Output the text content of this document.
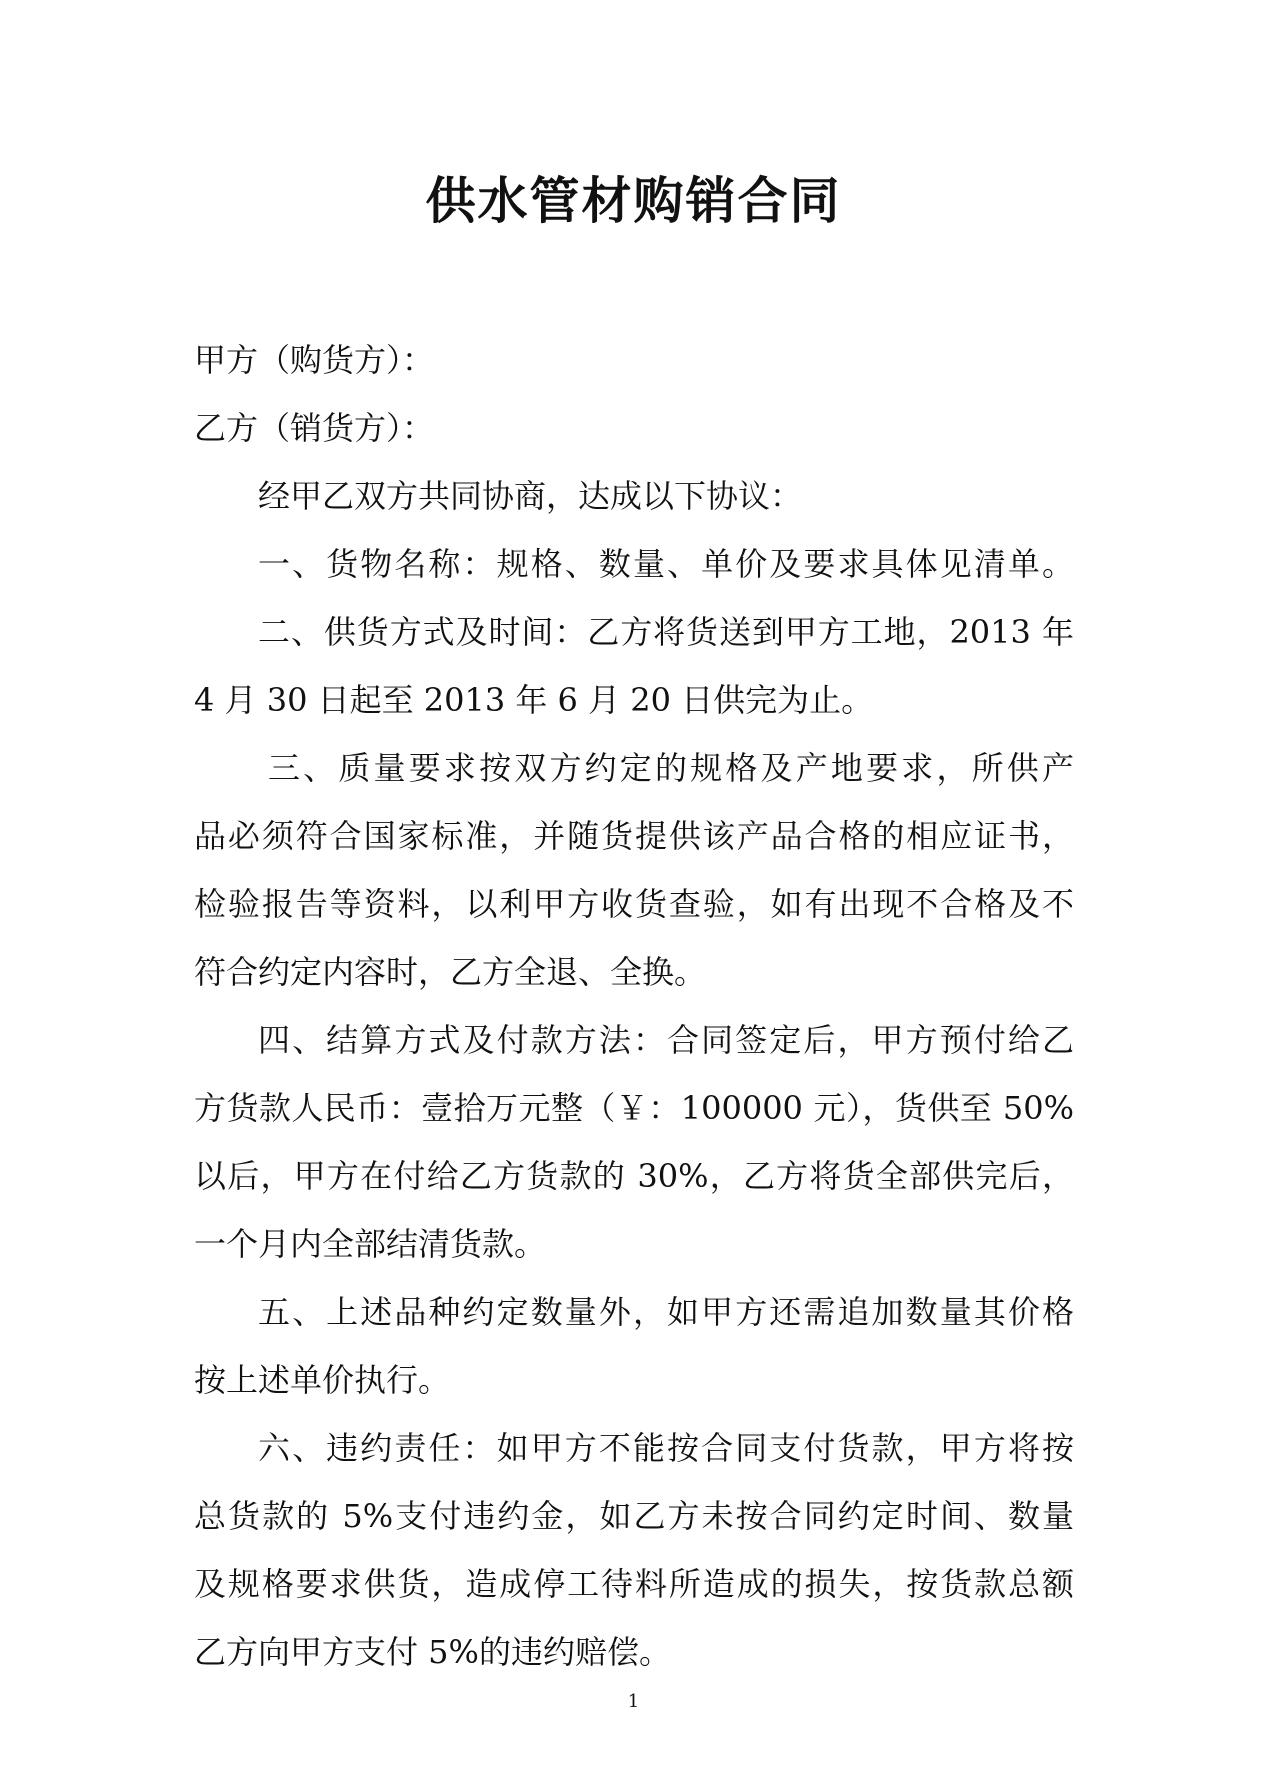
供水管材购销合同
甲方（购货方）：
乙方（销货方）：
经甲乙双方共同协商，达成以下协议：
一、货物名称：规格、数量、单价及要求具体见清单。
二、供货方式及时间：乙方将货送到甲方工地，2013 年
4 月 30 日起至 2013 年 6 月 20 日供完为止。
三、质量要求按双方约定的规格及产地要求，所供产
品必须符合国家标准，并随货提供该产品合格的相应证书，
检验报告等资料，以利甲方收货查验，如有出现不合格及不
符合约定内容时，乙方全退、全换。
四、结算方式及付款方法：合同签定后，甲方预付给乙
方货款人民币：壹拾万元整（￥：100000 元），货供至 50%
以后，甲方在付给乙方货款的 30%，乙方将货全部供完后，
一个月内全部结清货款。
五、上述品种约定数量外，如甲方还需追加数量其价格
按上述单价执行。
六、违约责任：如甲方不能按合同支付货款，甲方将按
总货款的 5%支付违约金，如乙方未按合同约定时间、数量
及规格要求供货，造成停工待料所造成的损失，按货款总额
乙方向甲方支付 5%的违约赔偿。
1
